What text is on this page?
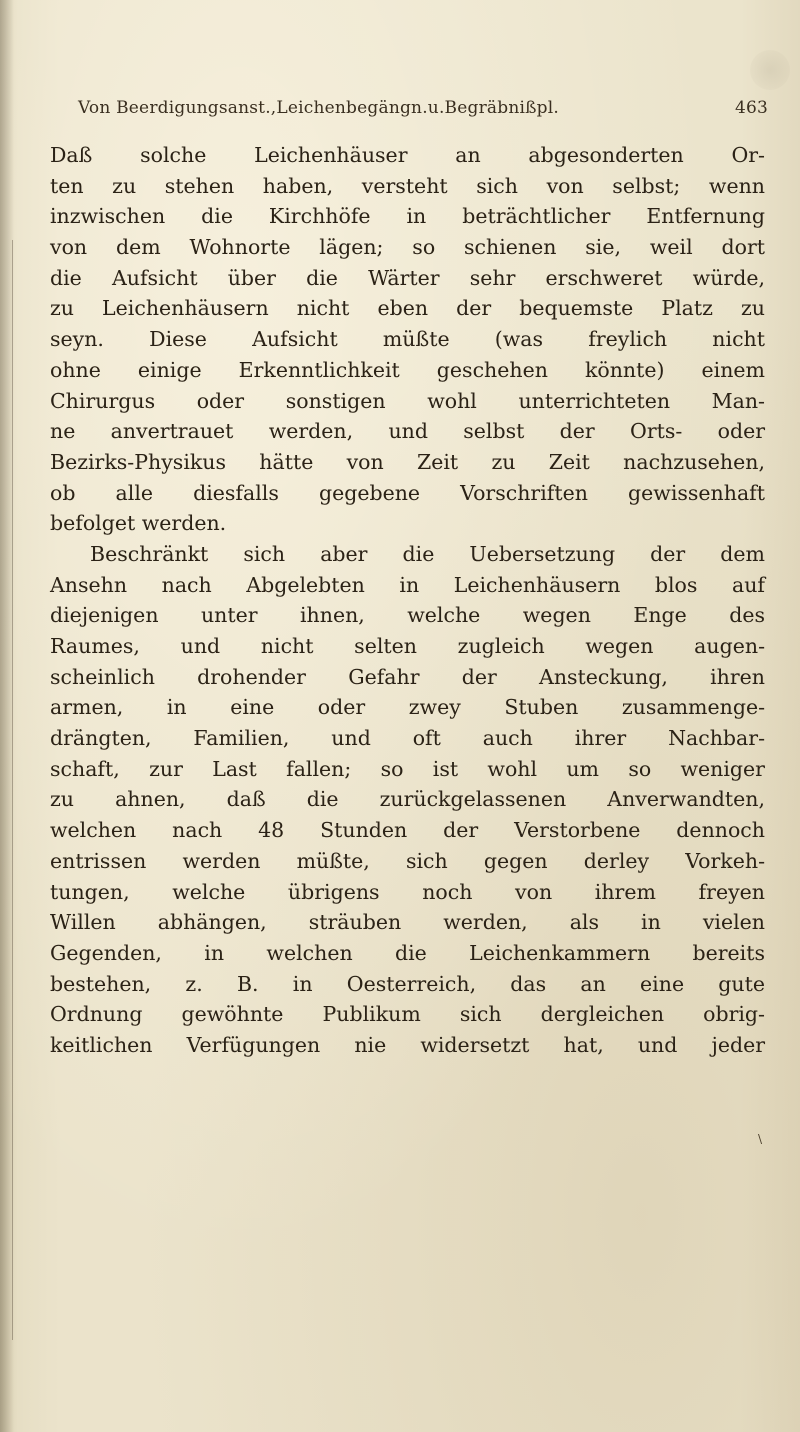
Von Beerdigungsanst.,Leichenbegängn.u.Begräbnißpl.	463
Daß solche Leichenhäuser an abgesonderten Or-
ten zu stehen haben, versteht sich von selbst; wenn
inzwischen die Kirchhöfe in beträchtlicher Entfernung
von dem Wohnorte lägen; so schienen sie, weil dort
die Aufsicht über die Wärter sehr erschweret würde,
zu Leichenhäusern nicht eben der bequemste Platz zu
seyn. Diese Aufsicht müßte (was freylich nicht
ohne einige Erkenntlichkeit geschehen könnte) einem
Chirurgus oder sonstigen wohl unterrichteten Man-
ne anvertrauet werden, und selbst der Orts- oder
Bezirks-Physikus hätte von Zeit zu Zeit nachzusehen,
ob alle diesfalls gegebene Vorschriften gewissenhaft
befolget werden.
Beschränkt sich aber die Uebersetzung der dem
Ansehn nach Abgelebten in Leichenhäusern blos auf
diejenigen unter ihnen, welche wegen Enge des
Raumes, und nicht selten zugleich wegen augen-
scheinlich drohender Gefahr der Ansteckung, ihren
armen, in eine oder zwey Stuben zusammenge-
drängten, Familien, und oft auch ihrer Nachbar-
schaft, zur Last fallen; so ist wohl um so weniger
zu ahnen, daß die zurückgelassenen Anverwandten,
welchen nach 48 Stunden der Verstorbene dennoch
entrissen werden müßte, sich gegen derley Vorkeh-
tungen, welche übrigens noch von ihrem freyen
Willen abhängen, sträuben werden, als in vielen
Gegenden, in welchen die Leichenkammern bereits
bestehen, z. B. in Oesterreich, das an eine gute
Ordnung gewöhnte Publikum sich dergleichen obrig-
keitlichen Verfügungen nie widersetzt hat, und jeder
\
